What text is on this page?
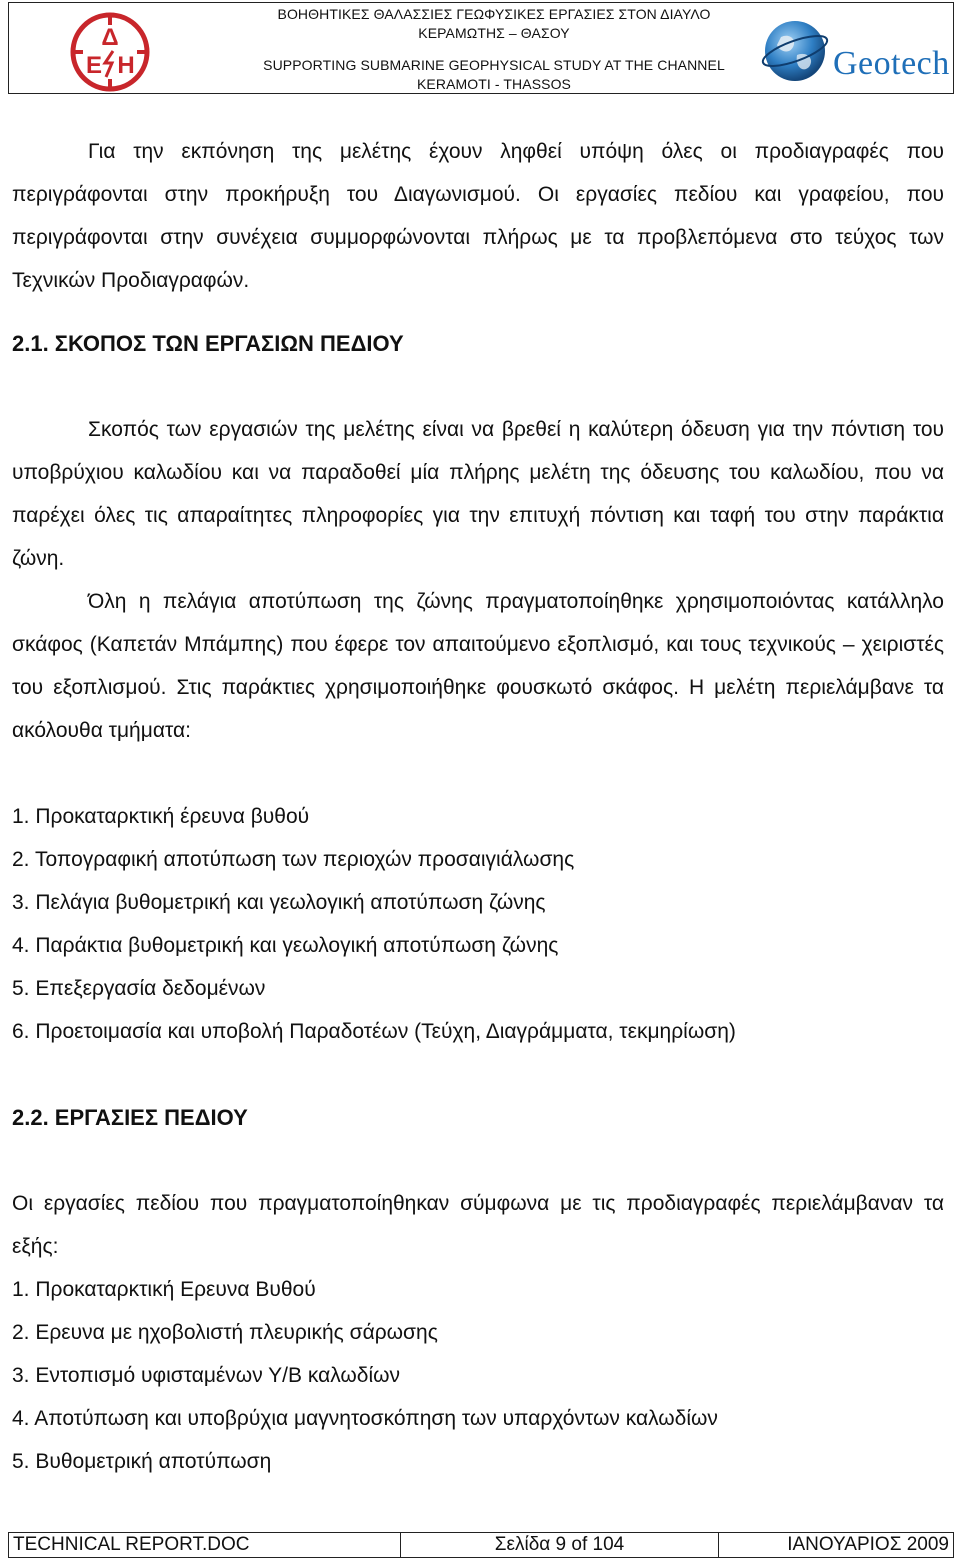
Δ
Ε Η
ΒΟΗΘΗΤΙΚΕΣ ΘΑΛΑΣΣΙΕΣ ΓΕΩΦΥΣΙΚΕΣ ΕΡΓΑΣΙΕΣ ΣΤΟΝ ΔΙΑΥΛΟ
ΚΕΡΑΜΩΤΗΣ – ΘΑΣΟΥ
SUPPORTING SUBMARINE GEOPHYSICAL STUDY AT THE CHANNEL
KERAMOTI - THASSOS
Geotech

Για την εκπόνηση της μελέτης έχουν ληφθεί υπόψη όλες οι προδιαγραφές που περιγράφονται στην προκήρυξη του Διαγωνισμού. Οι εργασίες πεδίου και γραφείου, που περιγράφονται στην συνέχεια συμμορφώνονται πλήρως με τα προβλεπόμενα στο τεύχος των Τεχνικών Προδιαγραφών.

2.1. ΣΚΟΠΟΣ ΤΩΝ ΕΡΓΑΣΙΩΝ ΠΕΔΙΟΥ

Σκοπός των εργασιών της μελέτης είναι να βρεθεί η καλύτερη όδευση για την πόντιση του υποβρύχιου καλωδίου και να παραδοθεί μία πλήρης μελέτη της όδευσης του καλωδίου, που να παρέχει όλες τις απαραίτητες πληροφορίες για την επιτυχή πόντιση και ταφή του στην παράκτια ζώνη.

Όλη η πελάγια αποτύπωση της ζώνης πραγματοποίηθηκε χρησιμοποιόντας κατάλληλο σκάφος (Καπετάν Μπάμπης) που έφερε τον απαιτούμενο εξοπλισμό, και τους τεχνικούς – χειριστές του εξοπλισμού. Στις παράκτιες χρησιμοποιήθηκε φουσκωτό σκάφος. Η μελέτη περιελάμβανε τα ακόλουθα τμήματα:

1. Προκαταρκτική έρευνα βυθού
2. Τοπογραφική αποτύπωση των περιοχών προσαιγιάλωσης
3. Πελάγια βυθομετρική και γεωλογική αποτύπωση ζώνης
4. Παράκτια βυθομετρική και γεωλογική αποτύπωση ζώνης
5. Επεξεργασία δεδομένων
6. Προετοιμασία και υποβολή Παραδοτέων (Τεύχη, Διαγράμματα, τεκμηρίωση)
2.2. ΕΡΓΑΣΙΕΣ ΠΕΔΙΟΥ

Οι εργασίες πεδίου που πραγματοποίηθηκαν σύμφωνα με τις προδιαγραφές περιελάμβαναν τα εξής:

1. Προκαταρκτική Ερευνα Βυθού
2. Ερευνα με ηχοβολιστή πλευρικής σάρωσης
3. Εντοπισμό υφισταμένων Υ/Β καλωδίων
4. Αποτύπωση και υποβρύχια μαγνητοσκόπηση των υπαρχόντων καλωδίων
5. Βυθομετρική αποτύπωση
TECHNICAL REPORT.DOC	Σελίδα 9 of 104	ΙΑΝΟΥΑΡΙΟΣ 2009
